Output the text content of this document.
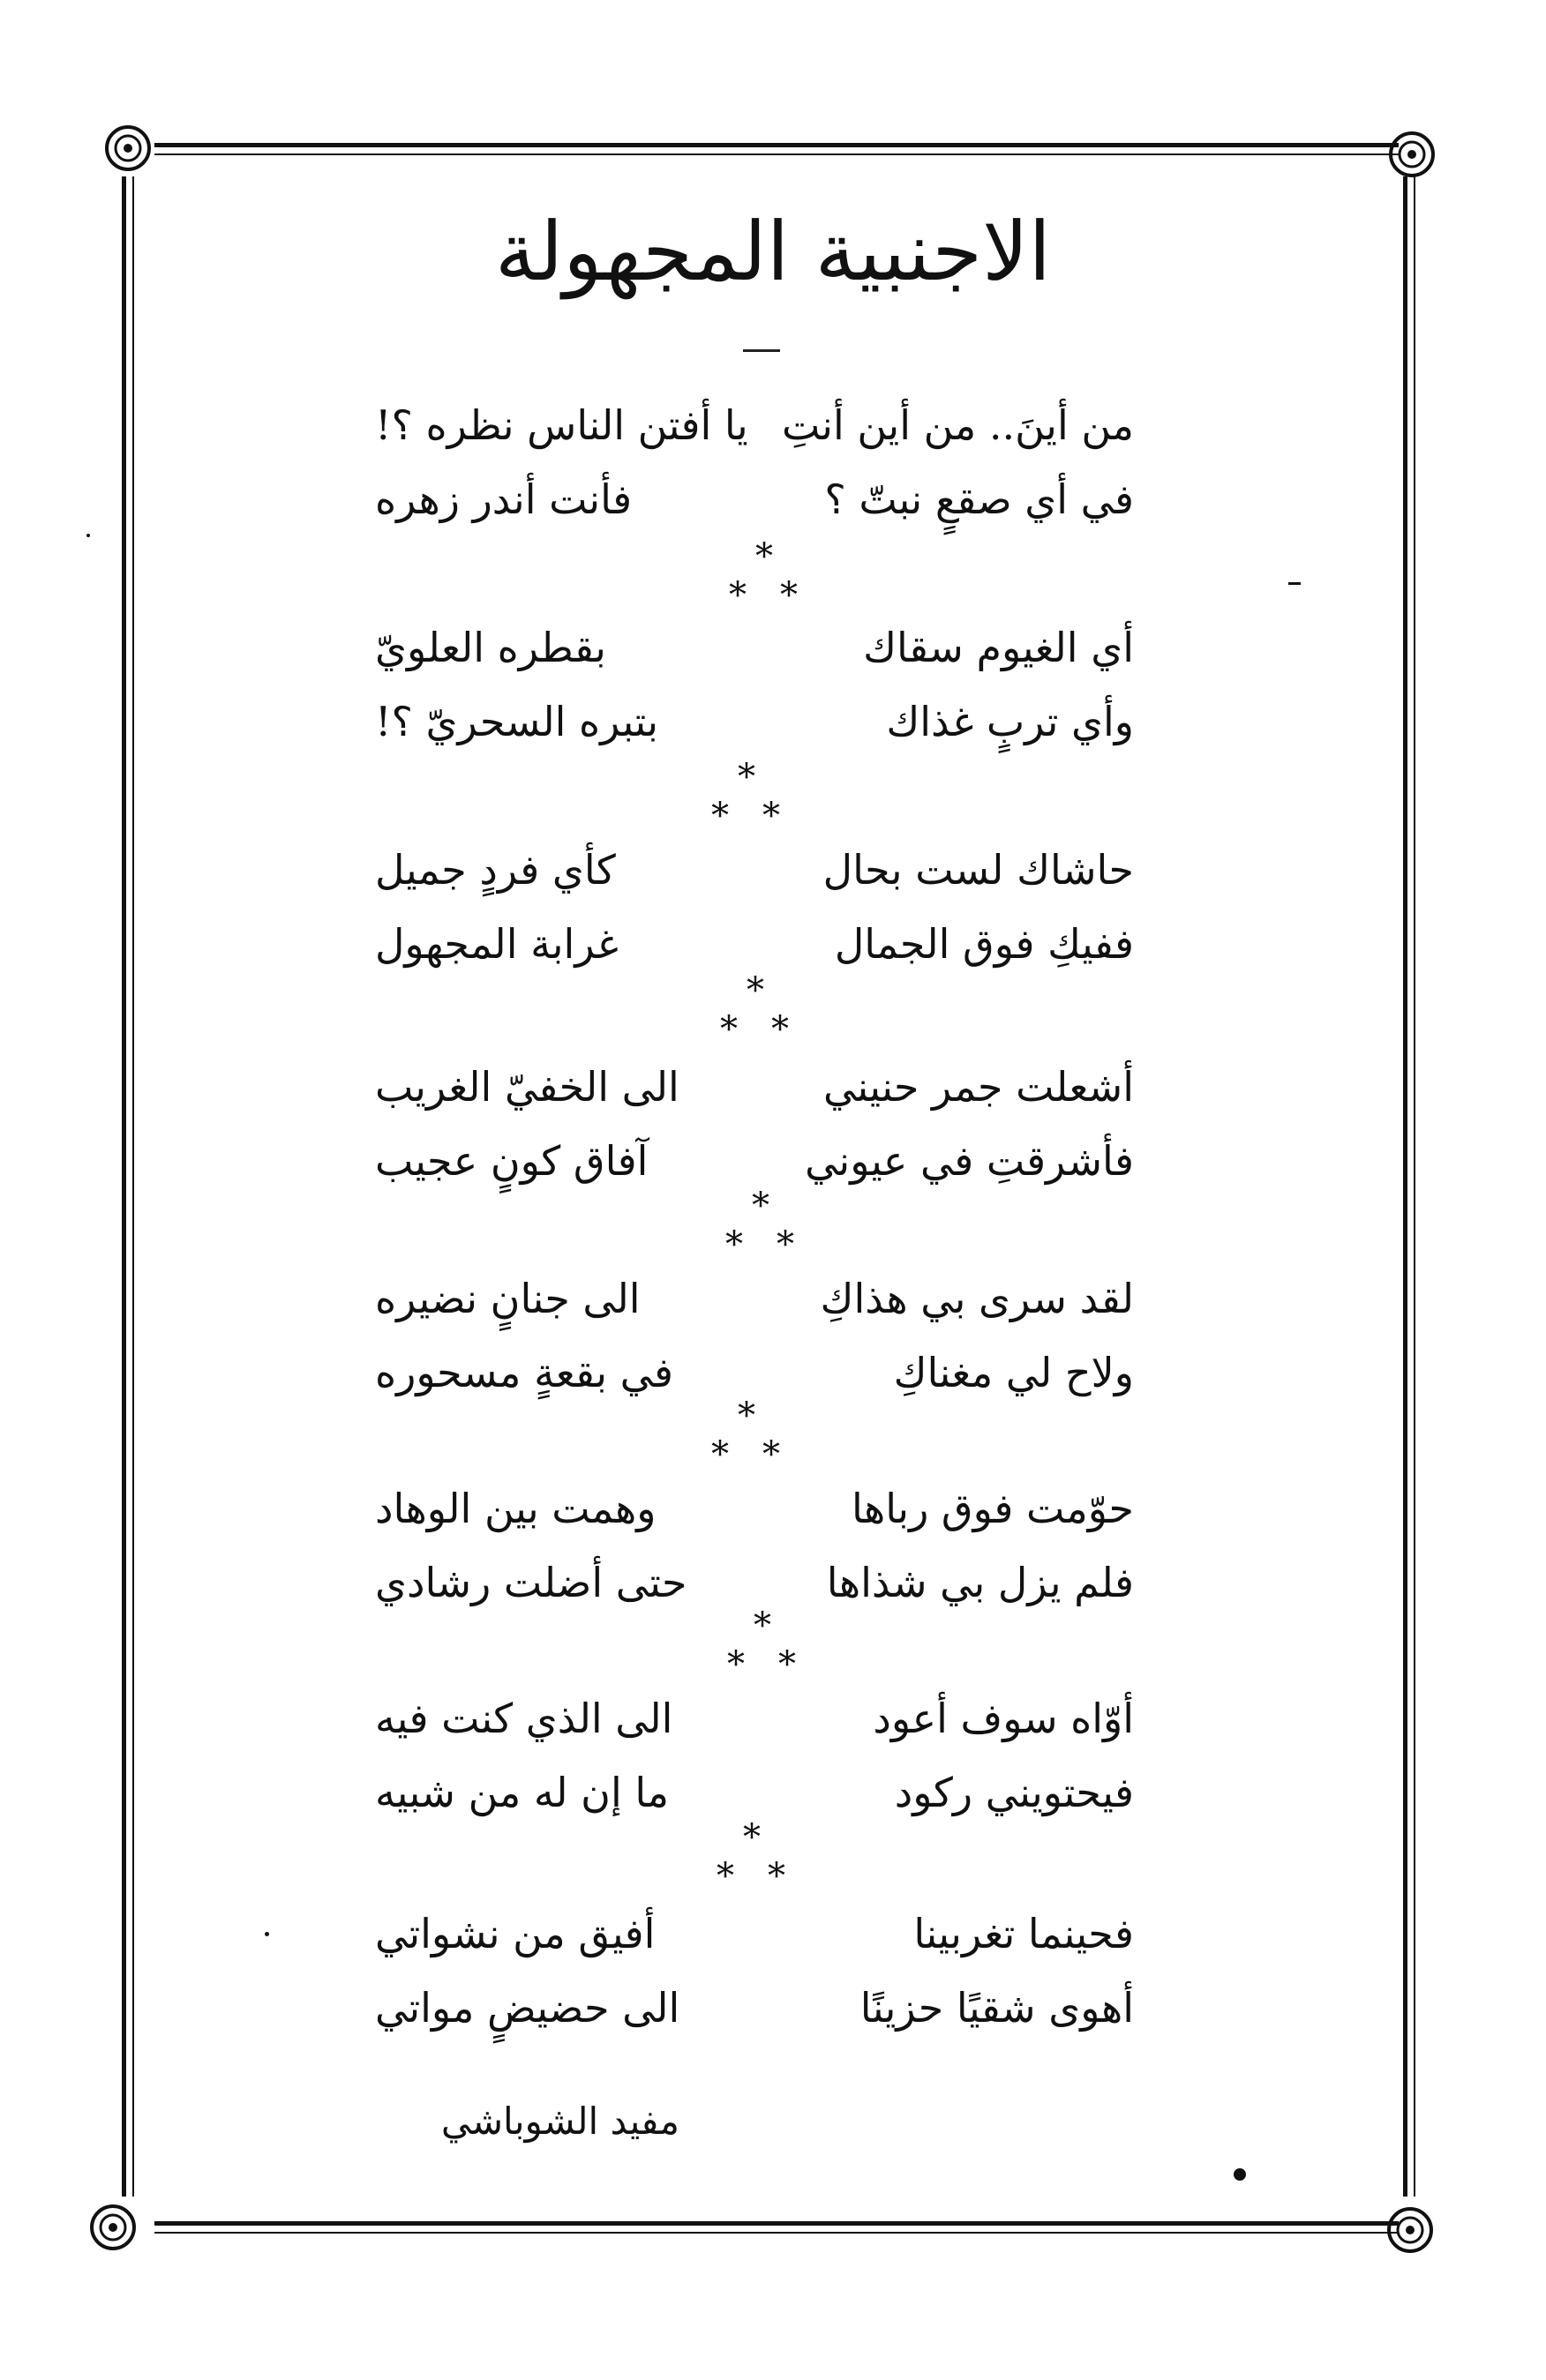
الاجنبية المجهولة
من أينَ.. من أين أنتِ
يا أفتن الناس نظره ؟!
في أي صقعٍ نبتّ ؟
فأنت أندر زهره
*
* *
أي الغيوم سقاك
بقطره العلويّ
وأي تربٍ غذاك
بتبره السحريّ ؟!
*
* *
حاشاك لست بحال
كأي فردٍ جميل
ففيكِ فوق الجمال
غرابة المجهول
*
* *
أشعلت جمر حنيني
الى الخفيّ الغريب
فأشرقتِ في عيوني
آفاق كونٍ عجيب
*
* *
لقد سرى بي هذاكِ
الى جنانٍ نضيره
ولاح لي مغناكِ
في بقعةٍ مسحوره
*
* *
حوّمت فوق رباها
وهمت بين الوهاد
فلم يزل بي شذاها
حتى أضلت رشادي
*
* *
أوّاه سوف أعود
الى الذي كنت فيه
فيحتويني ركود
ما إن له من شبيه
*
* *
فحينما تغربينا
أفيق من نشواتي
أهوى شقيًا حزينًا
الى حضيضٍ مواتي
مفيد الشوباشي
